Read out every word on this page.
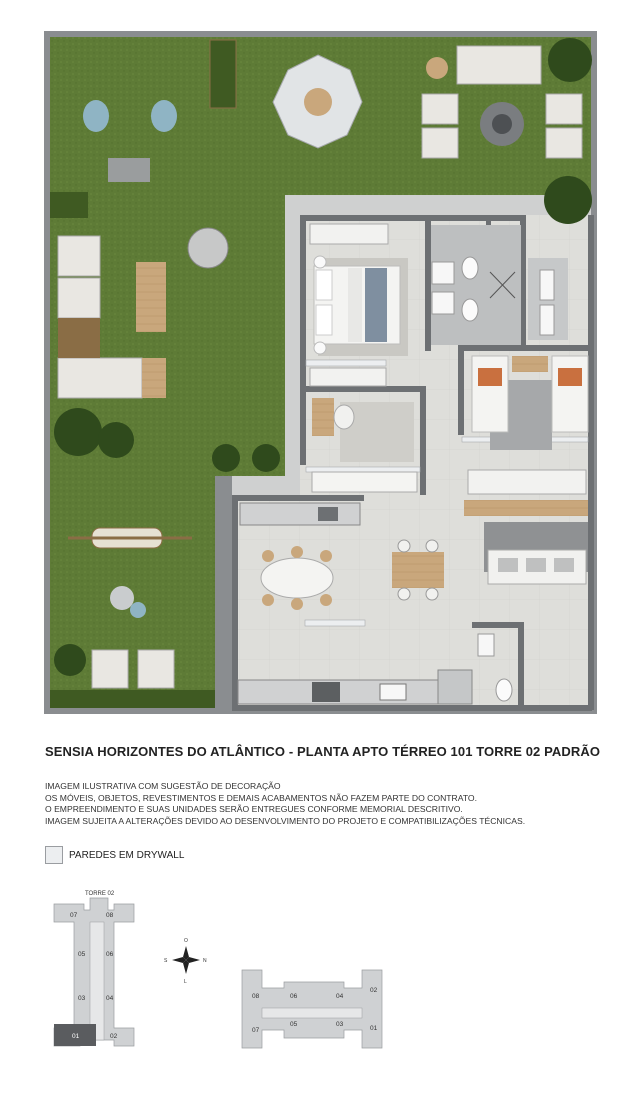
SENSIA HORIZONTES DO ATLÂNTICO - PLANTA APTO TÉRREO 101 TORRE 02 PADRÃO
IMAGEM ILUSTRATIVA COM SUGESTÃO DE DECORAÇÃO
OS MÓVEIS, OBJETOS, REVESTIMENTOS E DEMAIS ACABAMENTOS NÃO FAZEM PARTE DO CONTRATO.
O EMPREENDIMENTO E SUAS UNIDADES SERÃO ENTREGUES CONFORME MEMORIAL DESCRITIVO.
IMAGEM SUJEITA A ALTERAÇÕES DEVIDO AO DESENVOLVIMENTO DO PROJETO E COMPATIBILIZAÇÕES TÉCNICAS.
PAREDES EM DRYWALL
TORRE 02
07	08
05	06
03	04
01	02
O
L
S	N
08	06	04
02
07
05	03
01
